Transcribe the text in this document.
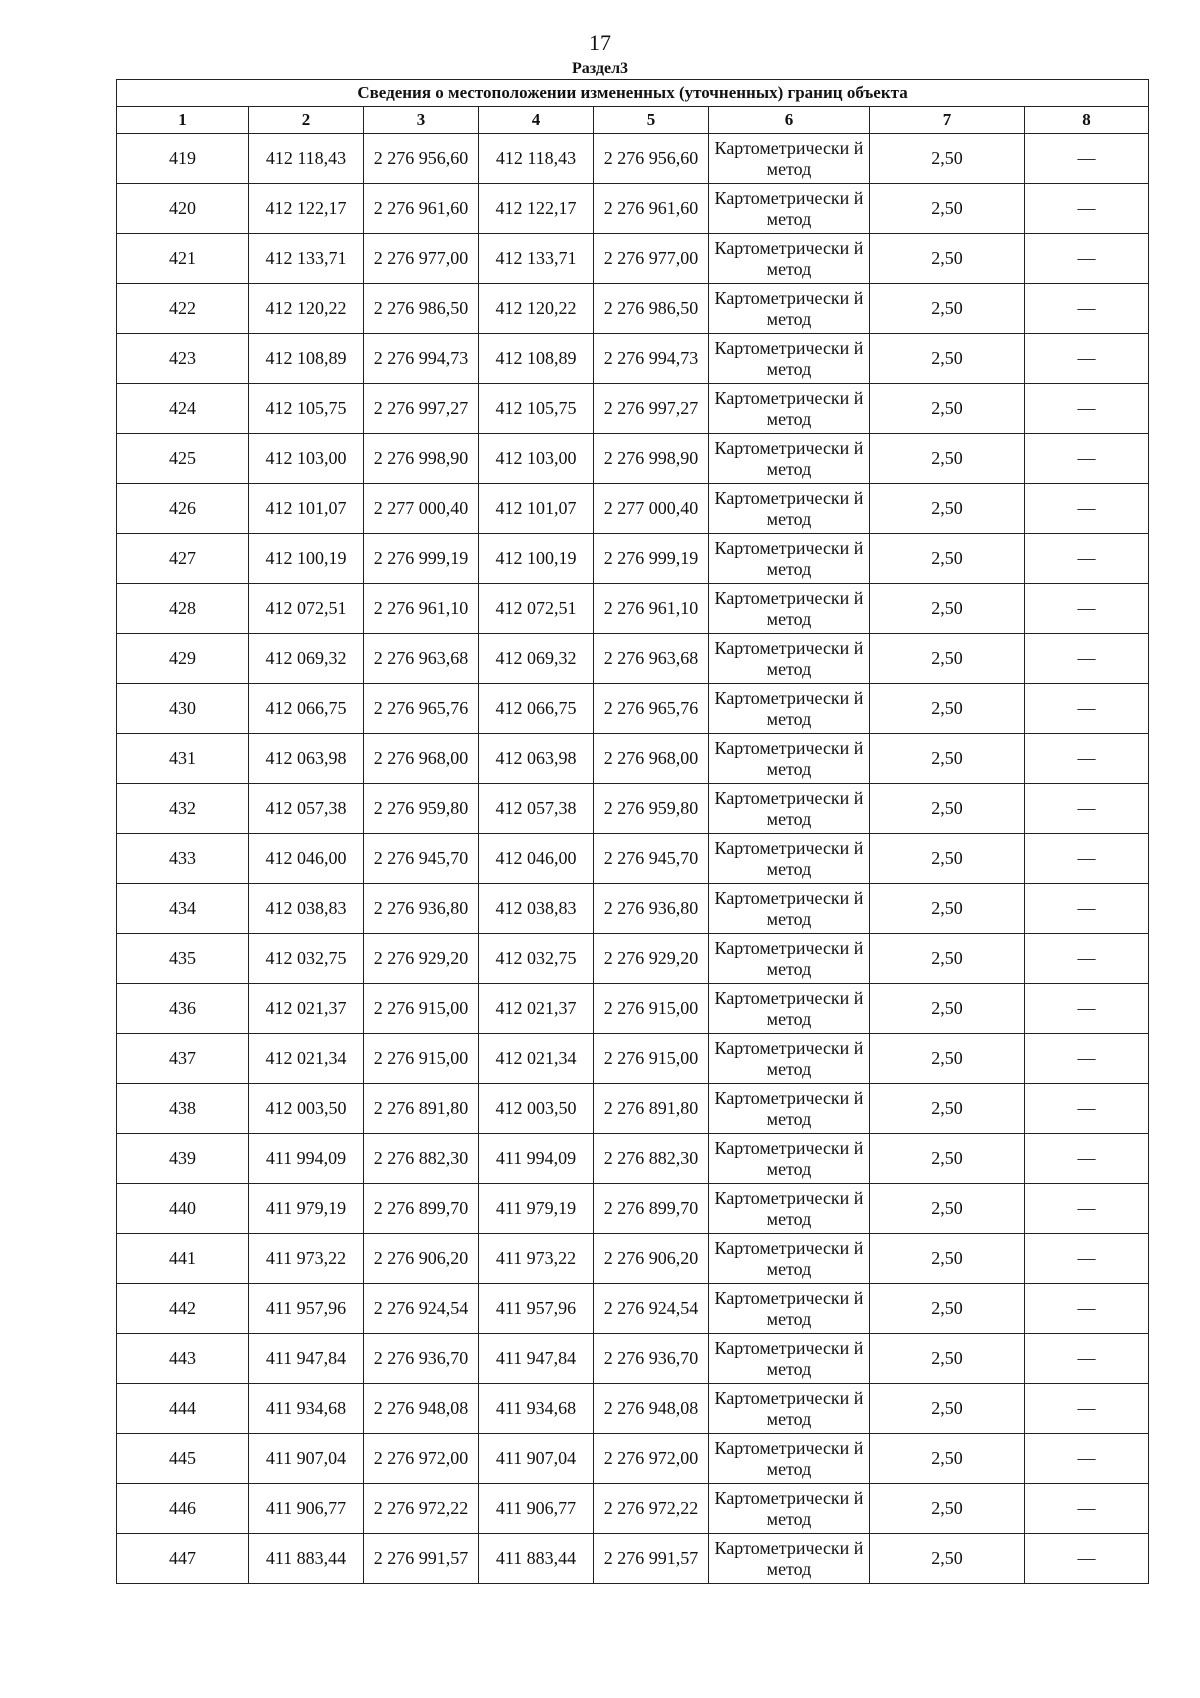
17
Раздел3
Сведения о местоположении измененных (уточненных) границ объекта							
1	2	3	4	5	6	7	8
419	412 118,43	2 276 956,60	412 118,43	2 276 956,60	Картометрически й метод	2,50	—
420	412 122,17	2 276 961,60	412 122,17	2 276 961,60	Картометрически й метод	2,50	—
421	412 133,71	2 276 977,00	412 133,71	2 276 977,00	Картометрически й метод	2,50	—
422	412 120,22	2 276 986,50	412 120,22	2 276 986,50	Картометрически й метод	2,50	—
423	412 108,89	2 276 994,73	412 108,89	2 276 994,73	Картометрически й метод	2,50	—
424	412 105,75	2 276 997,27	412 105,75	2 276 997,27	Картометрически й метод	2,50	—
425	412 103,00	2 276 998,90	412 103,00	2 276 998,90	Картометрически й метод	2,50	—
426	412 101,07	2 277 000,40	412 101,07	2 277 000,40	Картометрически й метод	2,50	—
427	412 100,19	2 276 999,19	412 100,19	2 276 999,19	Картометрически й метод	2,50	—
428	412 072,51	2 276 961,10	412 072,51	2 276 961,10	Картометрически й метод	2,50	—
429	412 069,32	2 276 963,68	412 069,32	2 276 963,68	Картометрически й метод	2,50	—
430	412 066,75	2 276 965,76	412 066,75	2 276 965,76	Картометрически й метод	2,50	—
431	412 063,98	2 276 968,00	412 063,98	2 276 968,00	Картометрически й метод	2,50	—
432	412 057,38	2 276 959,80	412 057,38	2 276 959,80	Картометрически й метод	2,50	—
433	412 046,00	2 276 945,70	412 046,00	2 276 945,70	Картометрически й метод	2,50	—
434	412 038,83	2 276 936,80	412 038,83	2 276 936,80	Картометрически й метод	2,50	—
435	412 032,75	2 276 929,20	412 032,75	2 276 929,20	Картометрически й метод	2,50	—
436	412 021,37	2 276 915,00	412 021,37	2 276 915,00	Картометрически й метод	2,50	—
437	412 021,34	2 276 915,00	412 021,34	2 276 915,00	Картометрически й метод	2,50	—
438	412 003,50	2 276 891,80	412 003,50	2 276 891,80	Картометрически й метод	2,50	—
439	411 994,09	2 276 882,30	411 994,09	2 276 882,30	Картометрически й метод	2,50	—
440	411 979,19	2 276 899,70	411 979,19	2 276 899,70	Картометрически й метод	2,50	—
441	411 973,22	2 276 906,20	411 973,22	2 276 906,20	Картометрически й метод	2,50	—
442	411 957,96	2 276 924,54	411 957,96	2 276 924,54	Картометрически й метод	2,50	—
443	411 947,84	2 276 936,70	411 947,84	2 276 936,70	Картометрически й метод	2,50	—
444	411 934,68	2 276 948,08	411 934,68	2 276 948,08	Картометрически й метод	2,50	—
445	411 907,04	2 276 972,00	411 907,04	2 276 972,00	Картометрически й метод	2,50	—
446	411 906,77	2 276 972,22	411 906,77	2 276 972,22	Картометрически й метод	2,50	—
447	411 883,44	2 276 991,57	411 883,44	2 276 991,57	Картометрически й метод	2,50	—
